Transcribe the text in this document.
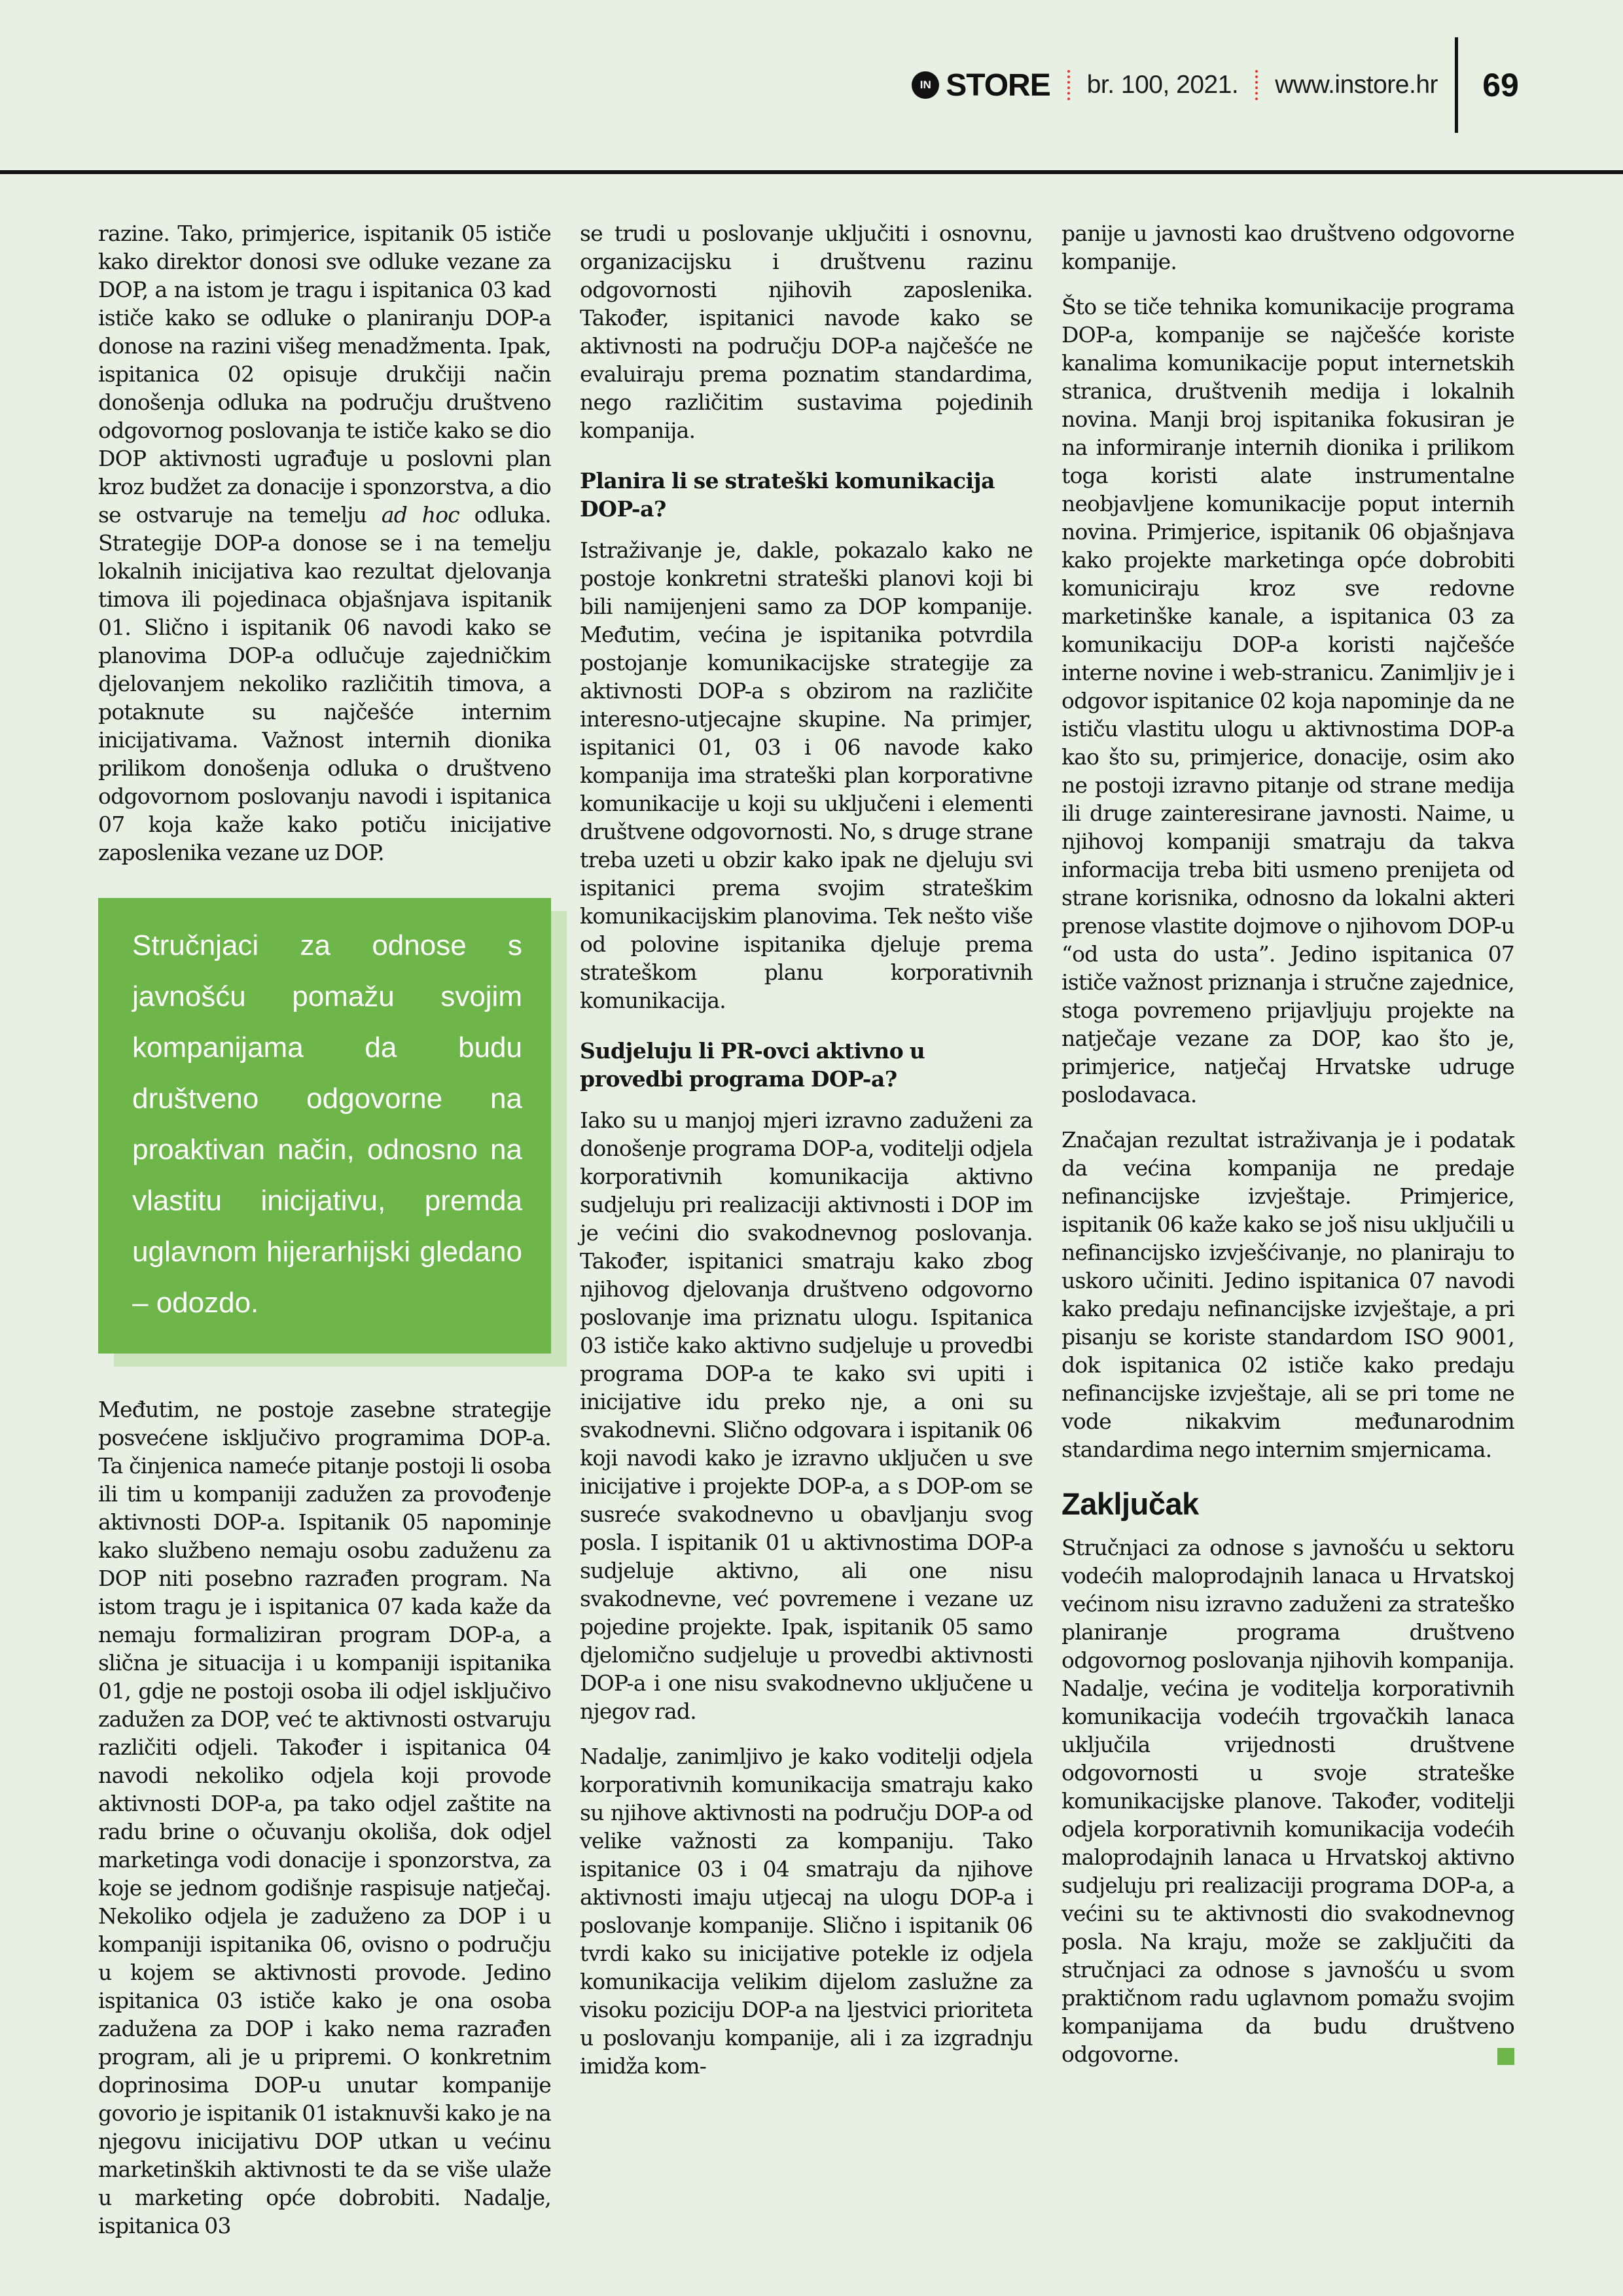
IN STORE br. 100, 2021. www.instore.hr 69

razine. Tako, primjerice, ispitanik 05 ističe kako direktor donosi sve odluke vezane za DOP, a na istom je tragu i ispitanica 03 kad ističe kako se odluke o planiranju DOP-a donose na razini višeg menadžmenta. Ipak, ispitanica 02 opisuje drukčiji način donošenja odluka na području društveno odgovornog poslovanja te ističe kako se dio DOP aktivnosti ugrađuje u poslovni plan kroz budžet za donacije i sponzorstva, a dio se ostvaruje na temelju ad hoc odluka. Strategije DOP-a donose se i na temelju lokalnih inicijativa kao rezultat djelovanja timova ili pojedinaca objašnjava ispitanik 01. Slično i ispitanik 06 navodi kako se planovima DOP-a odlučuje zajedničkim djelovanjem nekoliko različitih timova, a potaknute su najčešće internim inicijativama. Važnost internih dionika prilikom donošenja odluka o društveno odgovornom poslovanju navodi i ispitanica 07 koja kaže kako potiču inicijative zaposlenika vezane uz DOP.

Stručnjaci za odnose s javnošću pomažu svojim kompanijama da budu društveno odgovorne na proaktivan način, odnosno na vlastitu inicijativu, premda uglavnom hijerarhijski gledano – odozdo.

Međutim, ne postoje zasebne strategije posvećene isključivo programima DOP-a. Ta činjenica nameće pitanje postoji li osoba ili tim u kompaniji zadužen za provođenje aktivnosti DOP-a. Ispitanik 05 napominje kako službeno nemaju osobu zaduženu za DOP niti posebno razrađen program. Na istom tragu je i ispitanica 07 kada kaže da nemaju formaliziran program DOP-a, a slična je situacija i u kompaniji ispitanika 01, gdje ne postoji osoba ili odjel isključivo zadužen za DOP, već te aktivnosti ostvaruju različiti odjeli. Također i ispitanica 04 navodi nekoliko odjela koji provode aktivnosti DOP-a, pa tako odjel zaštite na radu brine o očuvanju okoliša, dok odjel marketinga vodi donacije i sponzorstva, za koje se jednom godišnje raspisuje natječaj. Nekoliko odjela je zaduženo za DOP i u kompaniji ispitanika 06, ovisno o području u kojem se aktivnosti provode. Jedino ispitanica 03 ističe kako je ona osoba zadužena za DOP i kako nema razrađen program, ali je u pripremi. O konkretnim doprinosima DOP-u unutar kompanije govorio je ispitanik 01 istaknuvši kako je na njegovu inicijativu DOP utkan u većinu marketinških aktivnosti te da se više ulaže u marketing opće dobrobiti. Nadalje, ispitanica 03

se trudi u poslovanje uključiti i osnovnu, organizacijsku i društvenu razinu odgovornosti njihovih zaposlenika. Također, ispitanici navode kako se aktivnosti na području DOP-a najčešće ne evaluiraju prema poznatim standardima, nego različitim sustavima pojedinih kompanija.

Planira li se strateški komunikacija DOP-a?

Istraživanje je, dakle, pokazalo kako ne postoje konkretni strateški planovi koji bi bili namijenjeni samo za DOP kompanije. Međutim, većina je ispitanika potvrdila postojanje komunikacijske strategije za aktivnosti DOP-a s obzirom na različite interesno-utjecajne skupine. Na primjer, ispitanici 01, 03 i 06 navode kako kompanija ima strateški plan korporativne komunikacije u koji su uključeni i elementi društvene odgovornosti. No, s druge strane treba uzeti u obzir kako ipak ne djeluju svi ispitanici prema svojim strateškim komunikacijskim planovima. Tek nešto više od polovine ispitanika djeluje prema strateškom planu korporativnih komunikacija.

Sudjeluju li PR-ovci aktivno u provedbi programa DOP-a?

Iako su u manjoj mjeri izravno zaduženi za donošenje programa DOP-a, voditelji odjela korporativnih komunikacija aktivno sudjeluju pri realizaciji aktivnosti i DOP im je većini dio svakodnevnog poslovanja. Također, ispitanici smatraju kako zbog njihovog djelovanja društveno odgovorno poslovanje ima priznatu ulogu. Ispitanica 03 ističe kako aktivno sudjeluje u provedbi programa DOP-a te kako svi upiti i inicijative idu preko nje, a oni su svakodnevni. Slično odgovara i ispitanik 06 koji navodi kako je izravno uključen u sve inicijative i projekte DOP-a, a s DOP-om se susreće svakodnevno u obavljanju svog posla. I ispitanik 01 u aktivnostima DOP-a sudjeluje aktivno, ali one nisu svakodnevne, već povremene i vezane uz pojedine projekte. Ipak, ispitanik 05 samo djelomično sudjeluje u provedbi aktivnosti DOP-a i one nisu svakodnevno uključene u njegov rad.

Nadalje, zanimljivo je kako voditelji odjela korporativnih komunikacija smatraju kako su njihove aktivnosti na području DOP-a od velike važnosti za kompaniju. Tako ispitanice 03 i 04 smatraju da njihove aktivnosti imaju utjecaj na ulogu DOP-a i poslovanje kompanije. Slično i ispitanik 06 tvrdi kako su inicijative potekle iz odjela komunikacija velikim dijelom zaslužne za visoku poziciju DOP-a na ljestvici prioriteta u poslovanju kompanije, ali i za izgradnju imidža kom-

panije u javnosti kao društveno odgovorne kompanije.

Što se tiče tehnika komunikacije programa DOP-a, kompanije se najčešće koriste kanalima komunikacije poput internetskih stranica, društvenih medija i lokalnih novina. Manji broj ispitanika fokusiran je na informiranje internih dionika i prilikom toga koristi alate instrumentalne neobjavljene komunikacije poput internih novina. Primjerice, ispitanik 06 objašnjava kako projekte marketinga opće dobrobiti komuniciraju kroz sve redovne marketinške kanale, a ispitanica 03 za komunikaciju DOP-a koristi najčešće interne novine i web-stranicu. Zanimljiv je i odgovor ispitanice 02 koja napominje da ne ističu vlastitu ulogu u aktivnostima DOP-a kao što su, primjerice, donacije, osim ako ne postoji izravno pitanje od strane medija ili druge zainteresirane javnosti. Naime, u njihovoj kompaniji smatraju da takva informacija treba biti usmeno prenijeta od strane korisnika, odnosno da lokalni akteri prenose vlastite dojmove o njihovom DOP-u “od usta do usta”. Jedino ispitanica 07 ističe važnost priznanja i stručne zajednice, stoga povremeno prijavljuju projekte na natječaje vezane za DOP, kao što je, primjerice, natječaj Hrvatske udruge poslodavaca.

Značajan rezultat istraživanja je i podatak da većina kompanija ne predaje nefinancijske izvještaje. Primjerice, ispitanik 06 kaže kako se još nisu uključili u nefinancijsko izvješćivanje, no planiraju to uskoro učiniti. Jedino ispitanica 07 navodi kako predaju nefinancijske izvještaje, a pri pisanju se koriste standardom ISO 9001, dok ispitanica 02 ističe kako predaju nefinancijske izvještaje, ali se pri tome ne vode nikakvim međunarodnim standardima nego internim smjernicama.

Zaključak

Stručnjaci za odnose s javnošću u sektoru vodećih maloprodajnih lanaca u Hrvatskoj većinom nisu izravno zaduženi za strateško planiranje programa društveno odgovornog poslovanja njihovih kompanija. Nadalje, većina je voditelja korporativnih komunikacija vodećih trgovačkih lanaca uključila vrijednosti društvene odgovornosti u svoje strateške komunikacijske planove. Također, voditelji odjela korporativnih komunikacija vodećih maloprodajnih lanaca u Hrvatskoj aktivno sudjeluju pri realizaciji programa DOP-a, a većini su te aktivnosti dio svakodnevnog posla. Na kraju, može se zaključiti da stručnjaci za odnose s javnošću u svom praktičnom radu uglavnom pomažu svojim kompanijama da budu društveno odgovorne.
